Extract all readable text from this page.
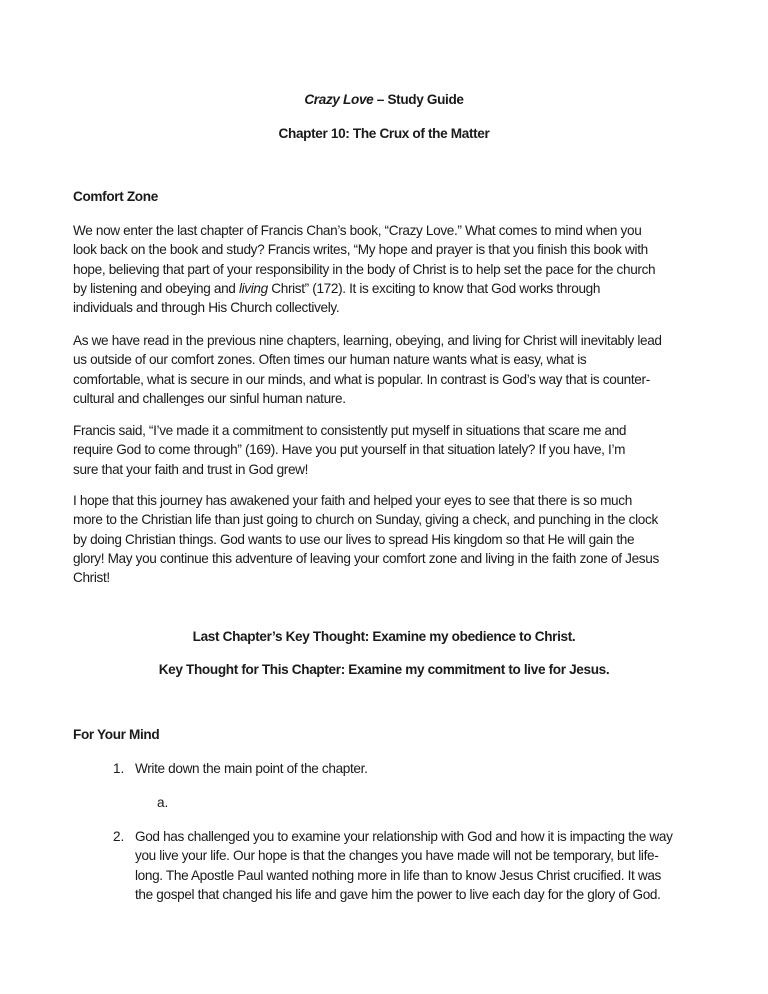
Crazy Love – Study Guide
Chapter 10: The Crux of the Matter
Comfort Zone
We now enter the last chapter of Francis Chan’s book, “Crazy Love.” What comes to mind when you
look back on the book and study? Francis writes, “My hope and prayer is that you finish this book with
hope, believing that part of your responsibility in the body of Christ is to help set the pace for the church
by listening and obeying and living Christ” (172). It is exciting to know that God works through
individuals and through His Church collectively.
As we have read in the previous nine chapters, learning, obeying, and living for Christ will inevitably lead
us outside of our comfort zones. Often times our human nature wants what is easy, what is
comfortable, what is secure in our minds, and what is popular. In contrast is God’s way that is counter-
cultural and challenges our sinful human nature.
Francis said, “I’ve made it a commitment to consistently put myself in situations that scare me and
require God to come through” (169). Have you put yourself in that situation lately? If you have, I’m
sure that your faith and trust in God grew!
I hope that this journey has awakened your faith and helped your eyes to see that there is so much
more to the Christian life than just going to church on Sunday, giving a check, and punching in the clock
by doing Christian things. God wants to use our lives to spread His kingdom so that He will gain the
glory! May you continue this adventure of leaving your comfort zone and living in the faith zone of Jesus
Christ!
Last Chapter’s Key Thought: Examine my obedience to Christ.
Key Thought for This Chapter: Examine my commitment to live for Jesus.
For Your Mind
1. Write down the main point of the chapter.
a.
2. God has challenged you to examine your relationship with God and how it is impacting the way
you live your life. Our hope is that the changes you have made will not be temporary, but life-
long. The Apostle Paul wanted nothing more in life than to know Jesus Christ crucified. It was
the gospel that changed his life and gave him the power to live each day for the glory of God.
